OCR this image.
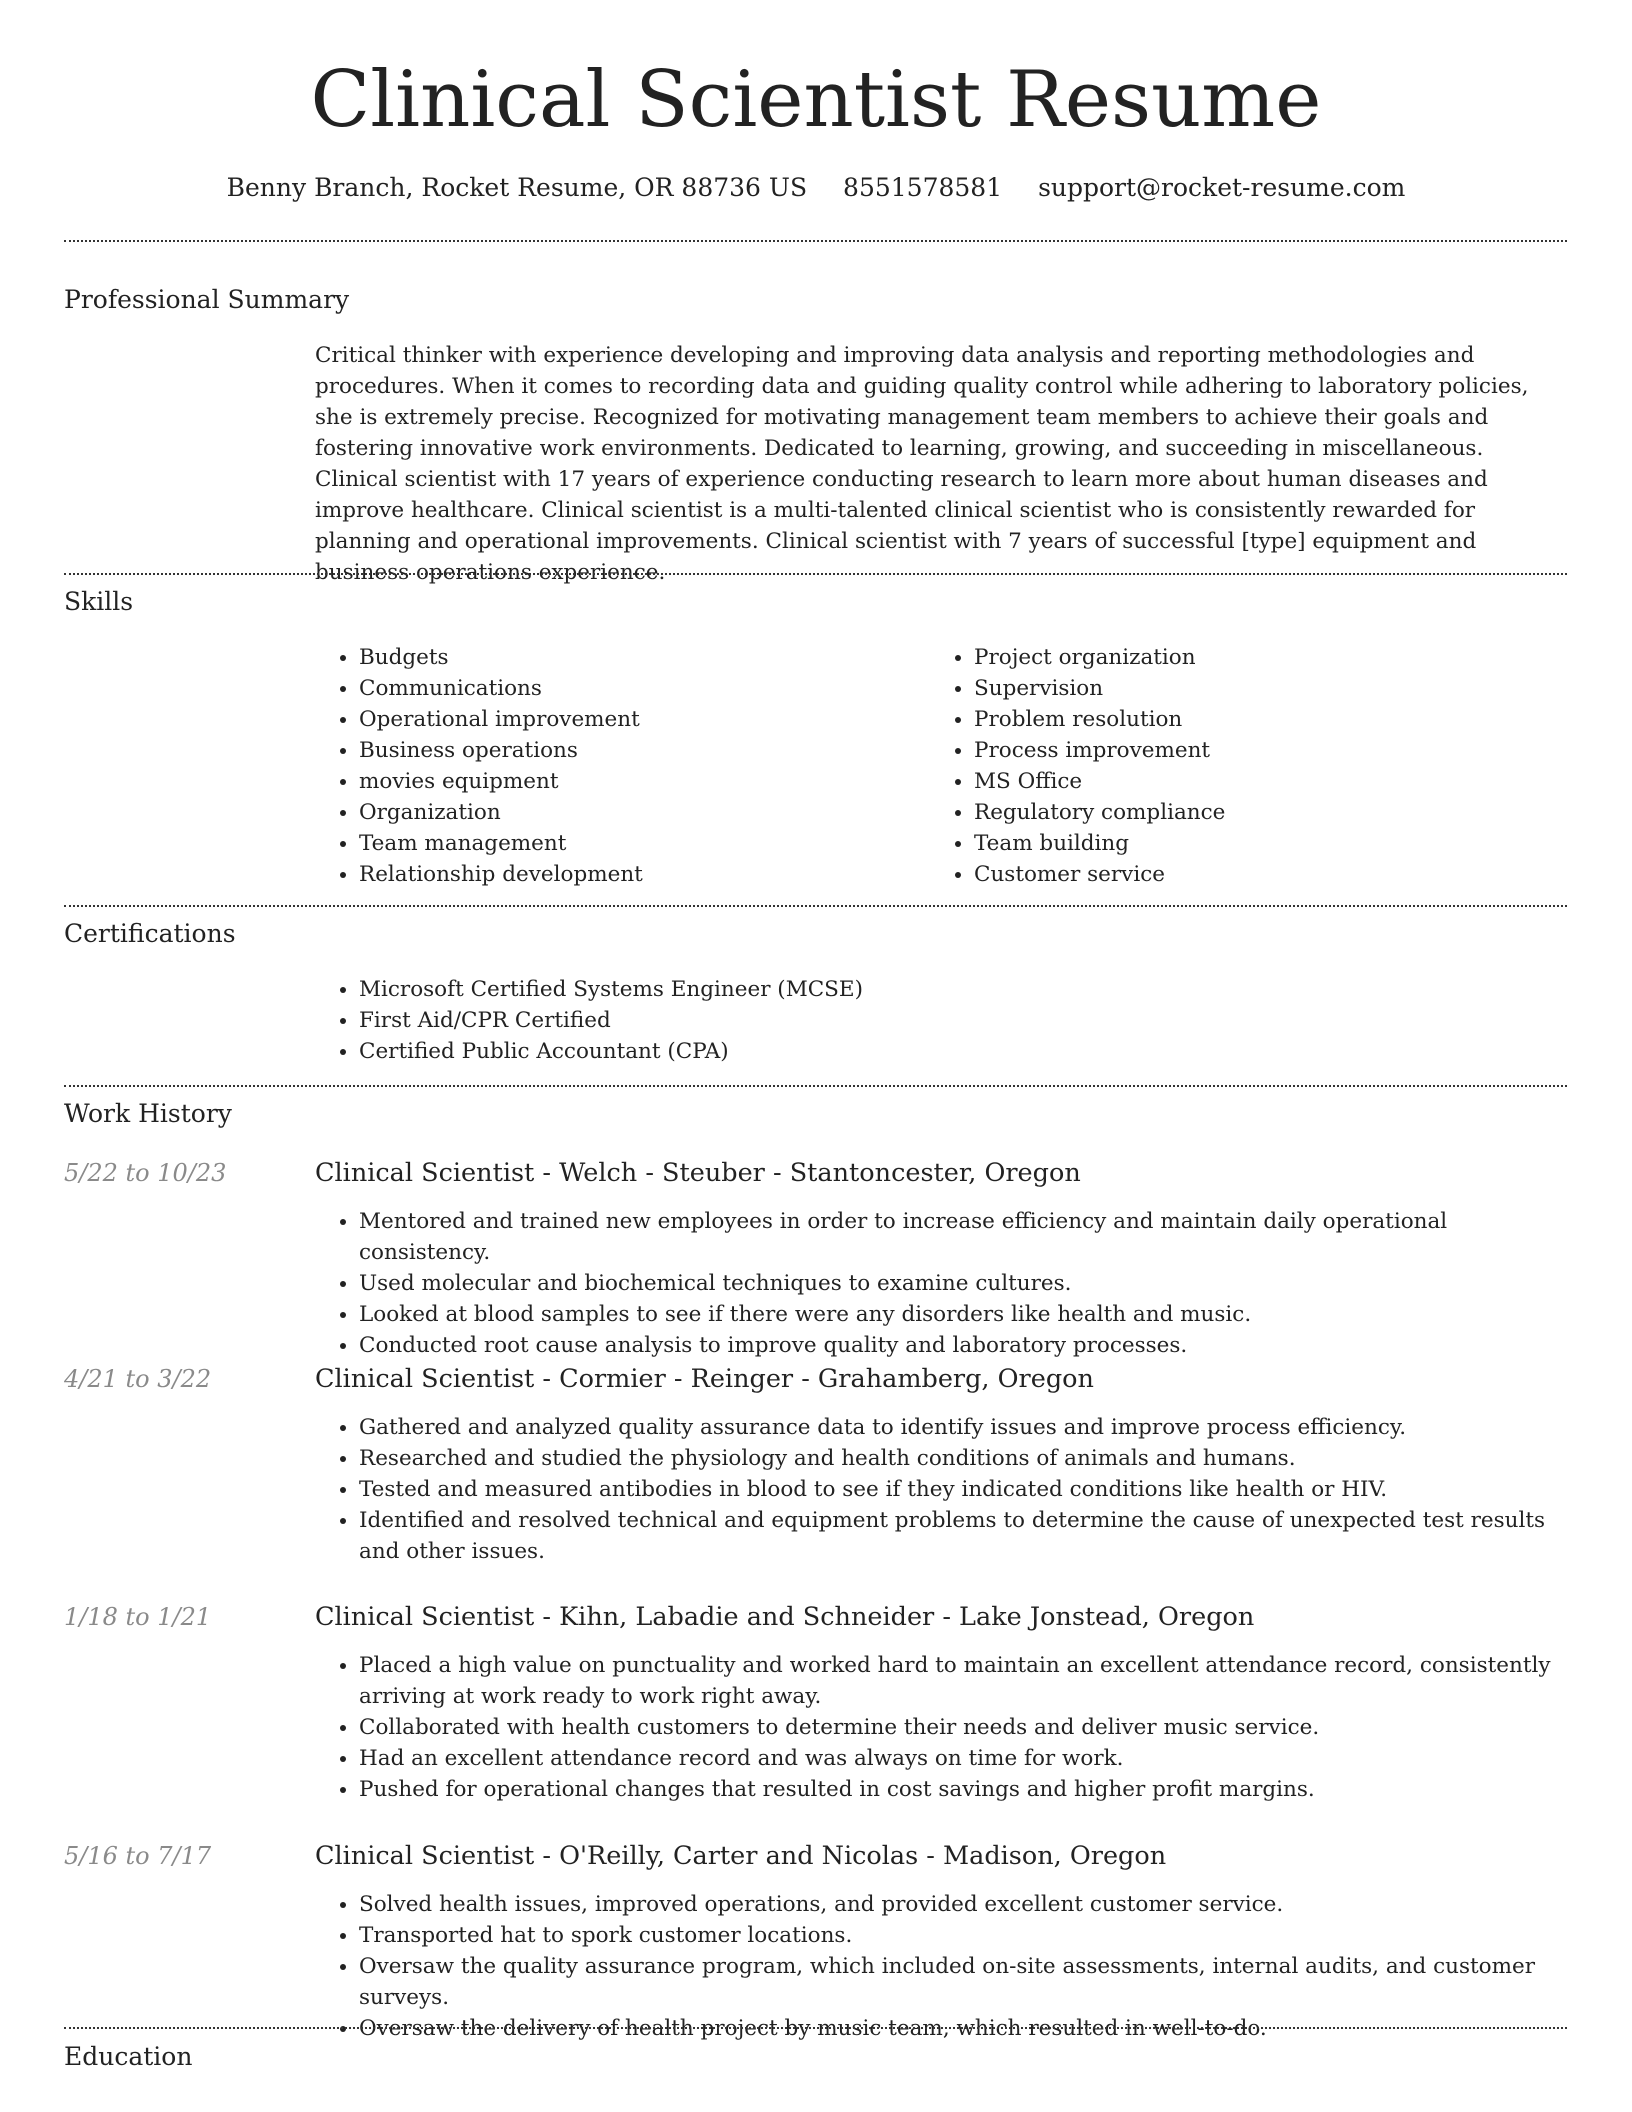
Clinical Scientist Resume
Benny Branch, Rocket Resume, OR 88736 US 8551578581 support@rocket-resume.com
Professional Summary

Critical thinker with experience developing and improving data analysis and reporting methodologies and procedures. When it comes to recording data and guiding quality control while adhering to laboratory policies, she is extremely precise. Recognized for motivating management team members to achieve their goals and fostering innovative work environments. Dedicated to learning, growing, and succeeding in miscellaneous. Clinical scientist with 17 years of experience conducting research to learn more about human diseases and improve healthcare. Clinical scientist is a multi-talented clinical scientist who is consistently rewarded for planning and operational improvements. Clinical scientist with 7 years of successful [type] equipment and business operations experience.

Skills
• Budgets
• Communications
• Operational improvement
• Business operations
• movies equipment
• Organization
• Team management
• Relationship development
• Project organization
• Supervision
• Problem resolution
• Process improvement
• MS Office
• Regulatory compliance
• Team building
• Customer service
Certifications
• Microsoft Certified Systems Engineer (MCSE)
• First Aid/CPR Certified
• Certified Public Accountant (CPA)
Work History
5/22 to 10/23	Clinical Scientist - Welch - Steuber - Stantoncester, Oregon
• Mentored and trained new employees in order to increase efficiency and maintain daily operational consistency.
• Used molecular and biochemical techniques to examine cultures.
• Looked at blood samples to see if there were any disorders like health and music.
• Conducted root cause analysis to improve quality and laboratory processes.
4/21 to 3/22	Clinical Scientist - Cormier - Reinger - Grahamberg, Oregon
• Gathered and analyzed quality assurance data to identify issues and improve process efficiency.
• Researched and studied the physiology and health conditions of animals and humans.
• Tested and measured antibodies in blood to see if they indicated conditions like health or HIV.
• Identified and resolved technical and equipment problems to determine the cause of unexpected test results and other issues.
1/18 to 1/21	Clinical Scientist - Kihn, Labadie and Schneider - Lake Jonstead, Oregon
• Placed a high value on punctuality and worked hard to maintain an excellent attendance record, consistently arriving at work ready to work right away.
• Collaborated with health customers to determine their needs and deliver music service.
• Had an excellent attendance record and was always on time for work.
• Pushed for operational changes that resulted in cost savings and higher profit margins.
5/16 to 7/17	Clinical Scientist - O'Reilly, Carter and Nicolas - Madison, Oregon
• Solved health issues, improved operations, and provided excellent customer service.
• Transported hat to spork customer locations.
• Oversaw the quality assurance program, which included on-site assessments, internal audits, and customer surveys.
• Oversaw the delivery of health project by music team, which resulted in well-to-do.
Education
